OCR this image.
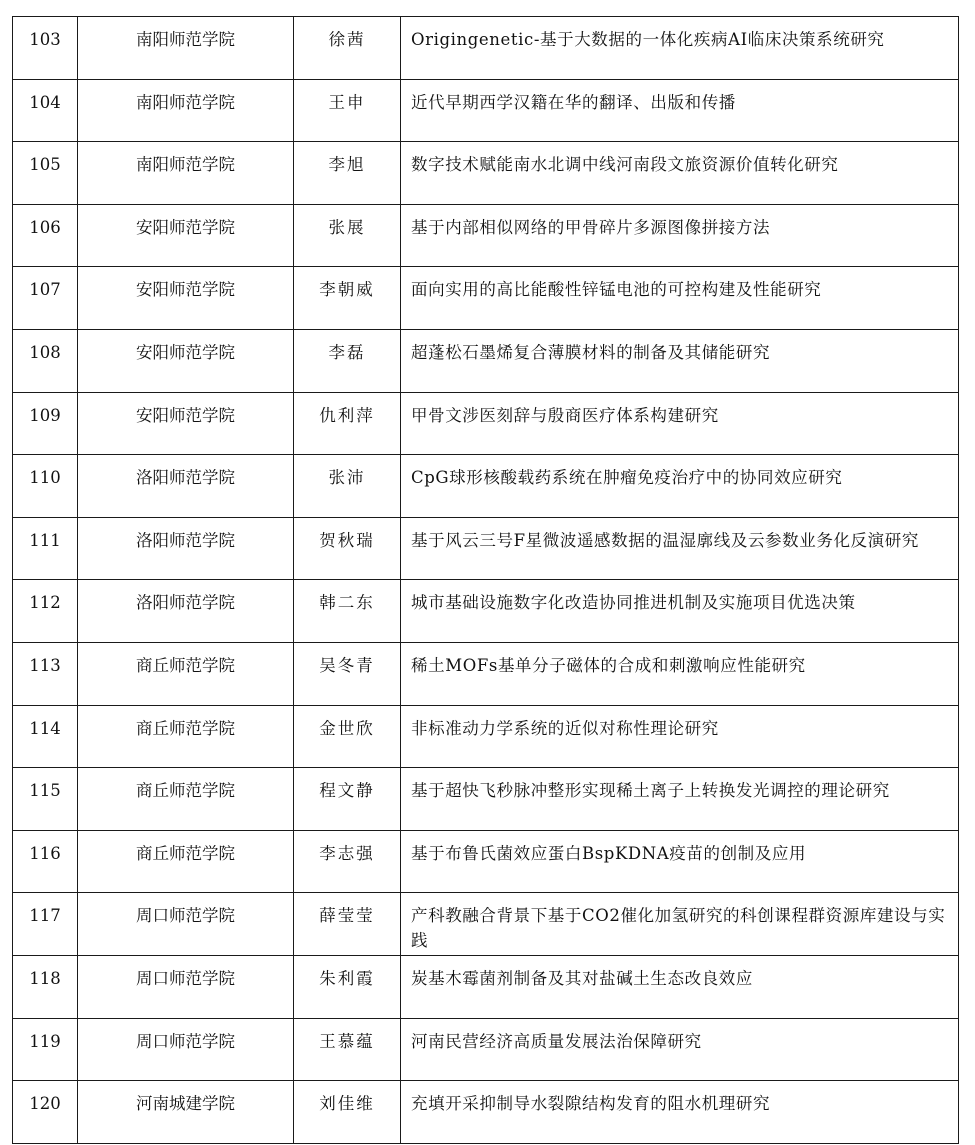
103	南阳师范学院	徐茜	Origingenetic-基于大数据的一体化疾病AI临床决策系统研究

104	南阳师范学院	王申	近代早期西学汉籍在华的翻译、出版和传播

105	南阳师范学院	李旭	数字技术赋能南水北调中线河南段文旅资源价值转化研究

106	安阳师范学院	张展	基于内部相似网络的甲骨碎片多源图像拼接方法

107	安阳师范学院	李朝威	面向实用的高比能酸性锌锰电池的可控构建及性能研究

108	安阳师范学院	李磊	超蓬松石墨烯复合薄膜材料的制备及其储能研究

109	安阳师范学院	仇利萍	甲骨文涉医刻辞与殷商医疗体系构建研究

110	洛阳师范学院	张沛	CpG球形核酸载药系统在肿瘤免疫治疗中的协同效应研究

111	洛阳师范学院	贺秋瑞	基于风云三号F星微波遥感数据的温湿廓线及云参数业务化反演研究

112	洛阳师范学院	韩二东	城市基础设施数字化改造协同推进机制及实施项目优选决策

113	商丘师范学院	吴冬青	稀土MOFs基单分子磁体的合成和刺激响应性能研究

114	商丘师范学院	金世欣	非标准动力学系统的近似对称性理论研究

115	商丘师范学院	程文静	基于超快飞秒脉冲整形实现稀土离子上转换发光调控的理论研究

116	商丘师范学院	李志强	基于布鲁氏菌效应蛋白BspKDNA疫苗的创制及应用

117	周口师范学院	薛莹莹	产科教融合背景下基于CO2催化加氢研究的科创课程群资源库建设与实践

118	周口师范学院	朱利霞	炭基木霉菌剂制备及其对盐碱土生态改良效应

119	周口师范学院	王慕蕴	河南民营经济高质量发展法治保障研究

120	河南城建学院	刘佳维	充填开采抑制导水裂隙结构发育的阻水机理研究
